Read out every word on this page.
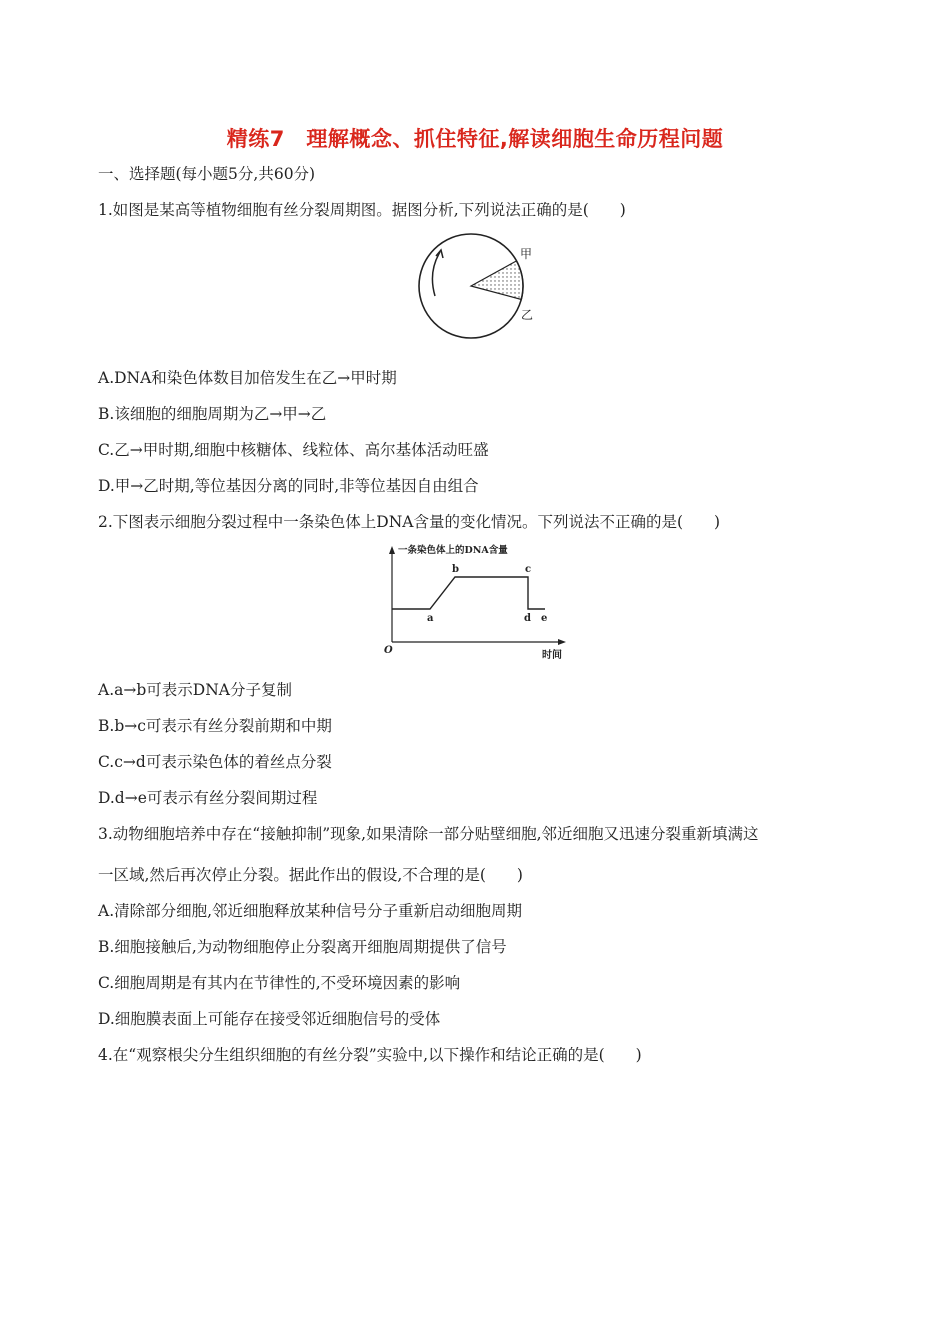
精练7　理解概念、抓住特征,解读细胞生命历程问题
一、选择题(每小题5分,共60分)
1.如图是某高等植物细胞有丝分裂周期图。据图分析,下列说法正确的是(　　)
甲
乙
A.DNA和染色体数目加倍发生在乙→甲时期
B.该细胞的细胞周期为乙→甲→乙
C.乙→甲时期,细胞中核糖体、线粒体、高尔基体活动旺盛
D.甲→乙时期,等位基因分离的同时,非等位基因自由组合
2.下图表示细胞分裂过程中一条染色体上DNA含量的变化情况。下列说法不正确的是(　　)
一条染色体上的DNA含量
时间
O
a
b	c
d e
A.a→b可表示DNA分子复制
B.b→c可表示有丝分裂前期和中期
C.c→d可表示染色体的着丝点分裂
D.d→e可表示有丝分裂间期过程
3.动物细胞培养中存在“接触抑制”现象,如果清除一部分贴壁细胞,邻近细胞又迅速分裂重新填满这
一区域,然后再次停止分裂。据此作出的假设,不合理的是(　　)
A.清除部分细胞,邻近细胞释放某种信号分子重新启动细胞周期
B.细胞接触后,为动物细胞停止分裂离开细胞周期提供了信号
C.细胞周期是有其内在节律性的,不受环境因素的影响
D.细胞膜表面上可能存在接受邻近细胞信号的受体
4.在“观察根尖分生组织细胞的有丝分裂”实验中,以下操作和结论正确的是(　　)
